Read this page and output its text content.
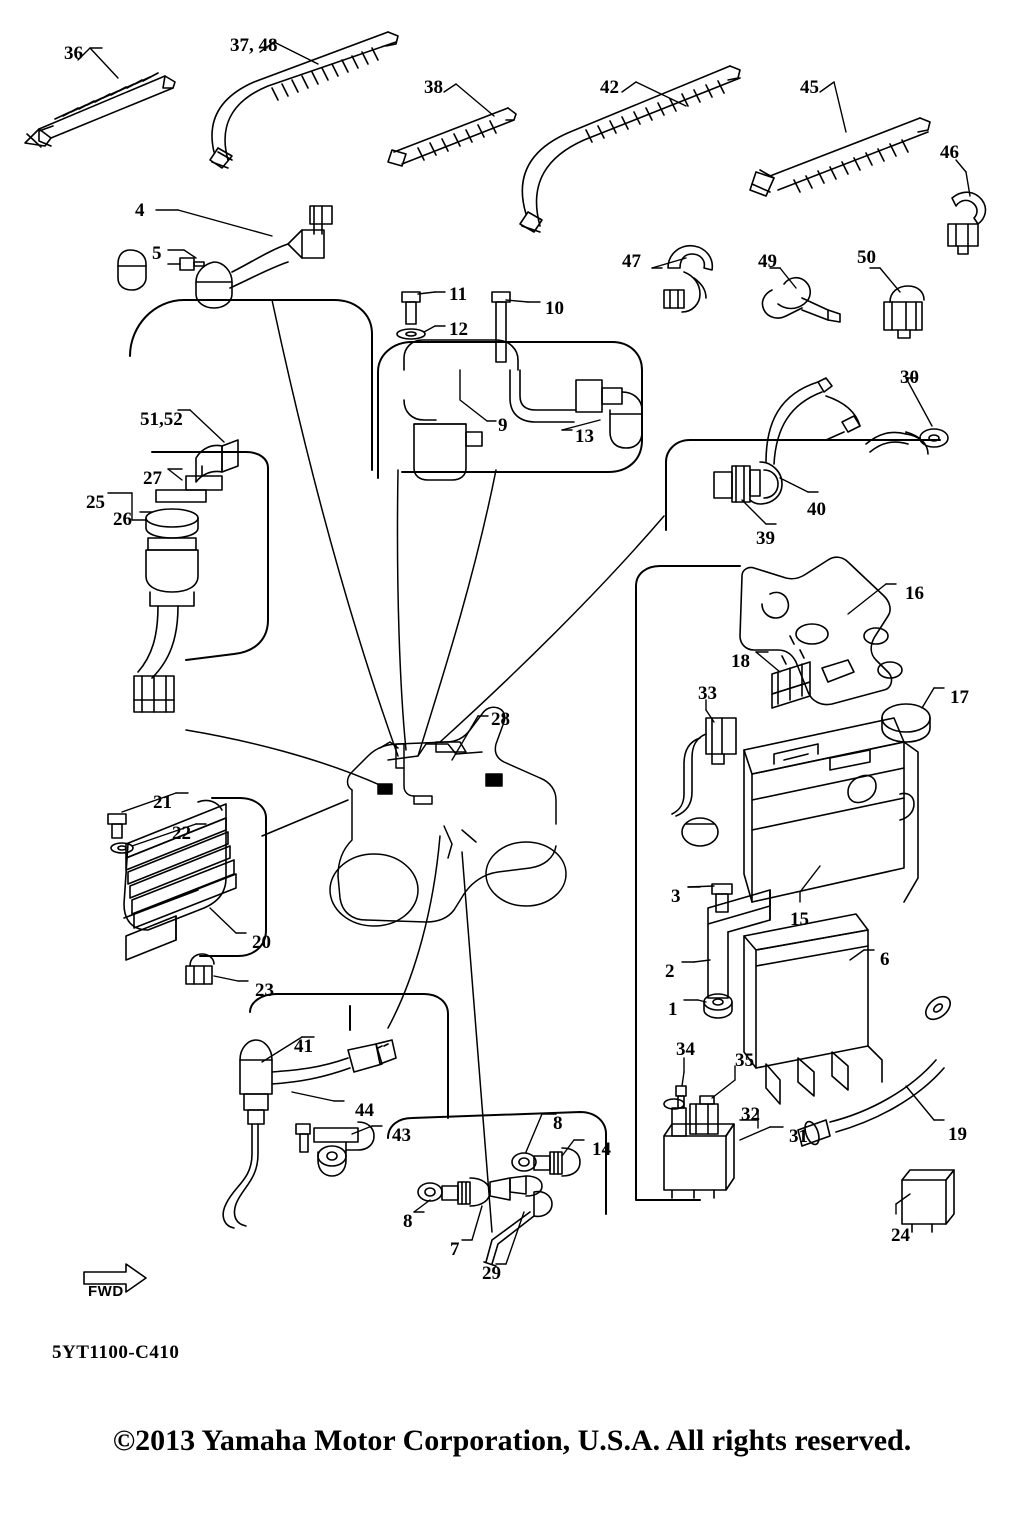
FWD
36	37, 48
38	42	45
46
4
5
11
10
12
47	49	50
30
9
13
51,52
27
25
26	40
39
16
18
17
33
28
21
22
3
15
20
2
6
23
1
41	34
35
44
8	32
43
14
31	19
8
7
24
29
5YT1100-C410
©2013 Yamaha Motor Corporation, U.S.A. All rights reserved.
